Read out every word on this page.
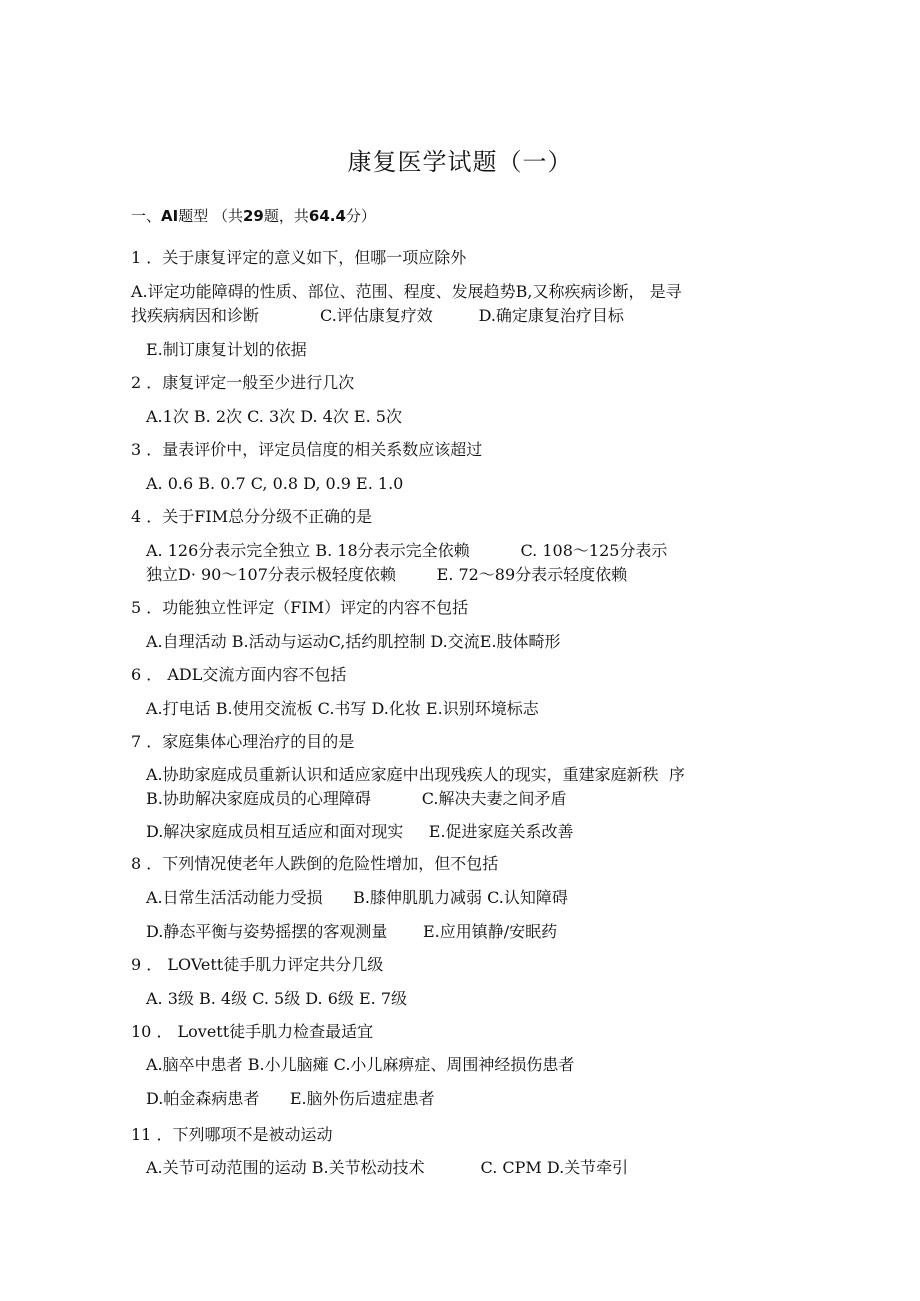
康复医学试题（一）
一、AI题型 （共29题，共64.4分）
1 ．关于康复评定的意义如下，但哪一项应除外
A.评定功能障碍的性质、部位、范围、程度、发展趋势B,又称疾病诊断， 是寻
找疾病病因和诊断            C.评估康复疗效         D.确定康复治疗目标
E.制订康复计划的依据
2 ．康复评定一般至少进行几次
A.1次 B. 2次 C. 3次 D. 4次 E. 5次
3 ．量表评价中，评定员信度的相关系数应该超过
A. 0.6 B. 0.7 C, 0.8 D, 0.9 E. 1.0
4 ．关于FIM总分分级不正确的是
A. 126分表示完全独立 B. 18分表示完全依赖          C. 108～125分表示
独立D· 90～107分表示极轻度依赖        E. 72～89分表示轻度依赖
5 ．功能独立性评定（FIM）评定的内容不包括
A.自理活动 B.活动与运动C,括约肌控制 D.交流E.肢体畸形
6 ． ADL交流方面内容不包括
A.打电话 B.使用交流板 C.书写 D.化妆 E.识别环境标志
7 ．家庭集体心理治疗的目的是
A.协助家庭成员重新认识和适应家庭中出现残疾人的现实，重建家庭新秩  序
B.协助解决家庭成员的心理障碍          C.解决夫妻之间矛盾
D.解决家庭成员相互适应和面对现实     E.促进家庭关系改善
8 ．下列情况使老年人跌倒的危险性增加，但不包括
A.日常生活活动能力受损      B.膝伸肌肌力减弱 C.认知障碍
D.静态平衡与姿势摇摆的客观测量       E.应用镇静/安眠药
9 ． LOVett徒手肌力评定共分几级
A. 3级 B. 4级 C. 5级 D. 6级 E. 7级
10 ． Lovett徒手肌力检查最适宜
A.脑卒中患者 B.小儿脑瘫 C.小儿麻痹症、周围神经损伤患者
D.帕金森病患者      E.脑外伤后遗症患者
11 ．下列哪项不是被动运动
A.关节可动范围的运动 B.关节松动技术           C. CPM D.关节牵引
